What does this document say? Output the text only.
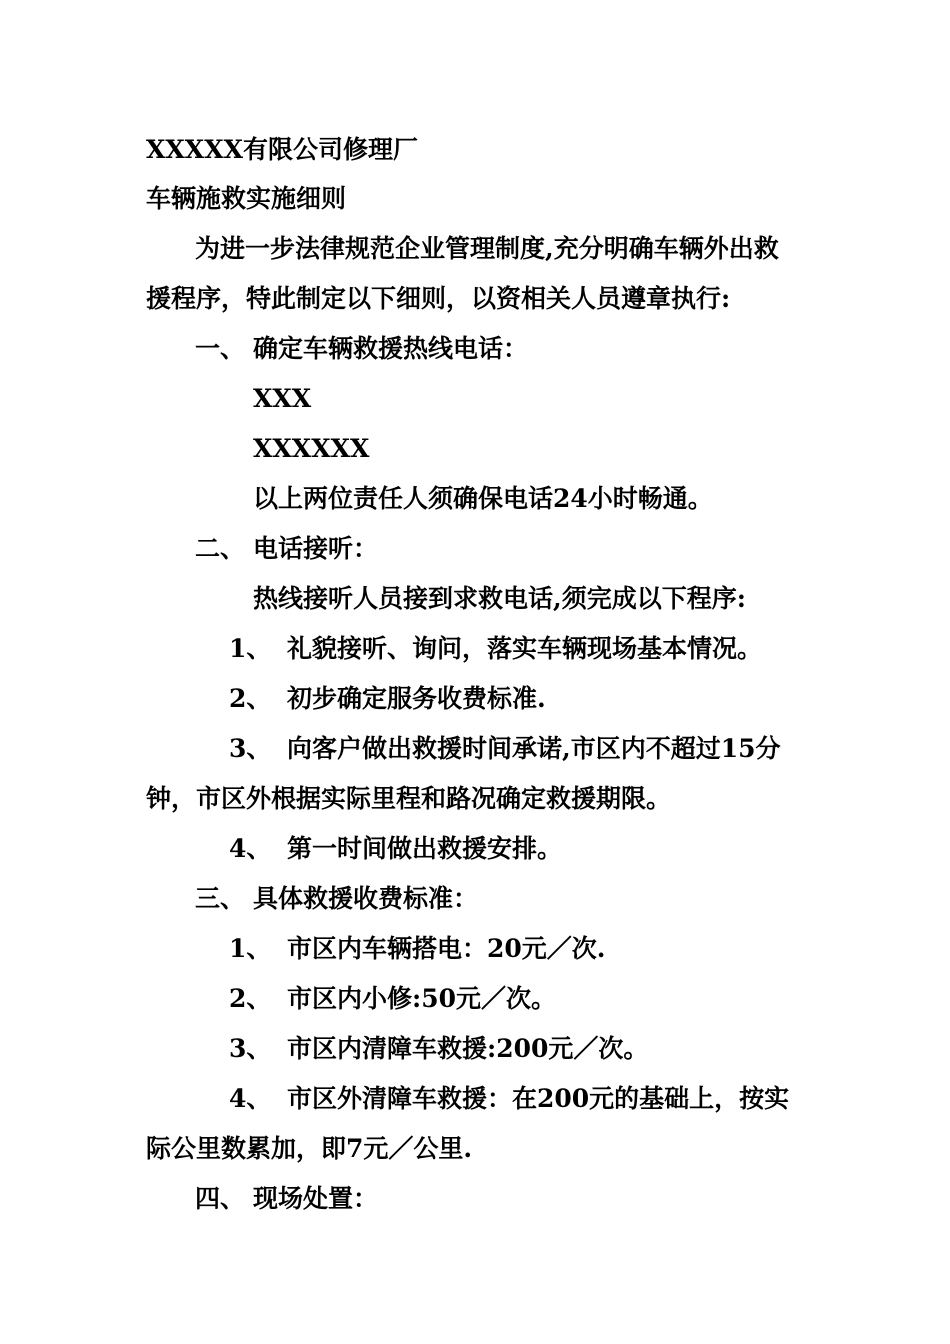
XXXXX有限公司修理厂
车辆施救实施细则
为进一步法律规范企业管理制度,充分明确车辆外出救
援程序，特此制定以下细则，以资相关人员遵章执行:
一、 确定车辆救援热线电话：
XXX
XXXXXX
以上两位责任人须确保电话24小时畅通。
二、 电话接听：
热线接听人员接到求救电话,须完成以下程序:
1、 礼貌接听、询问，落实车辆现场基本情况。
2、 初步确定服务收费标准.
3、 向客户做出救援时间承诺,市区内不超过15分
钟，市区外根据实际里程和路况确定救援期限。
4、 第一时间做出救援安排。
三、 具体救援收费标准：
1、 市区内车辆搭电：20元／次.
2、 市区内小修:50元／次。
3、 市区内清障车救援:200元／次。
4、 市区外清障车救援：在200元的基础上，按实
际公里数累加，即7元／公里.
四、 现场处置：
